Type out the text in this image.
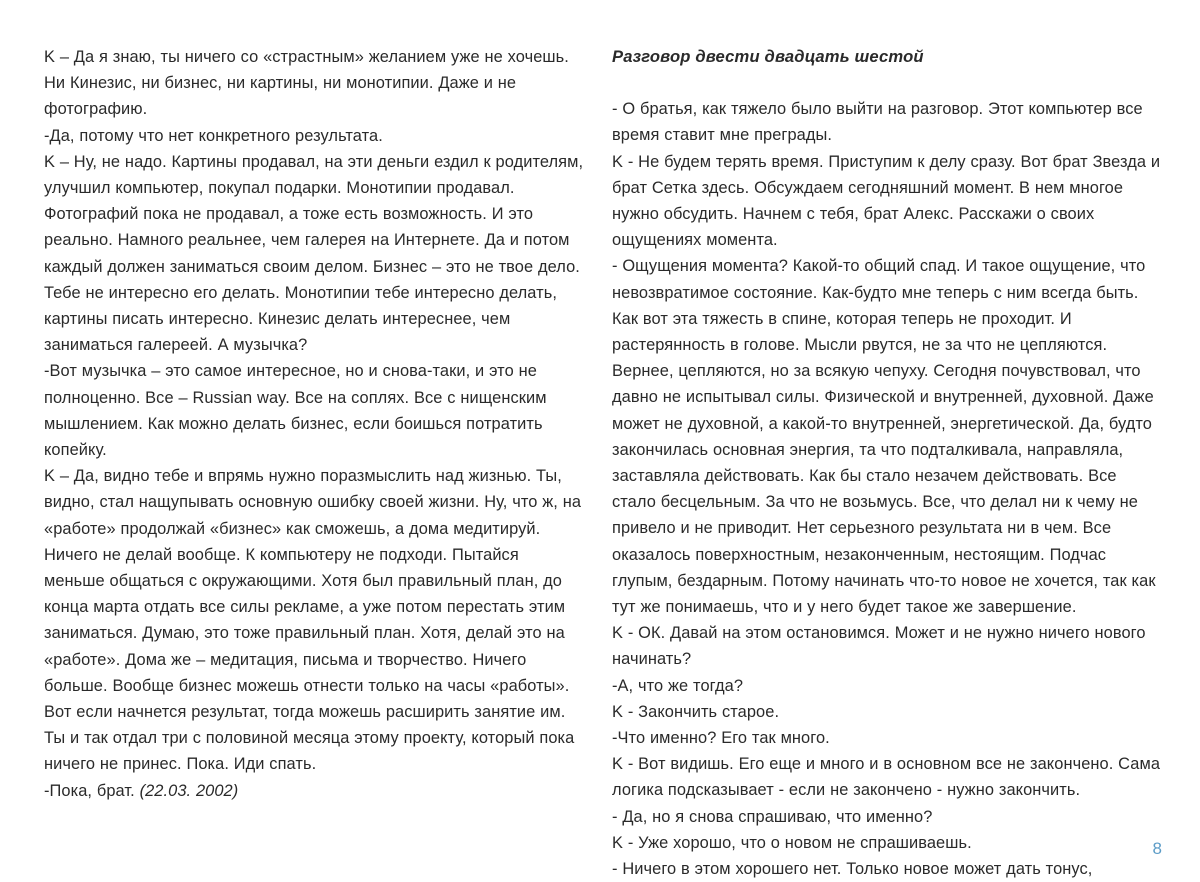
K – Да я знаю, ты ничего со «страстным» желанием уже не хочешь. Ни Кинезис, ни бизнес, ни картины, ни монотипии. Даже и не фотографию.

-Да, потому что нет конкретного результата.

K – Ну, не надо. Картины продавал, на эти деньги ездил к родителям, улучшил компьютер, покупал подарки. Монотипии продавал. Фотографий пока не продавал, а тоже есть возможность. И это реально. Намного реальнее, чем галерея на Интернете. Да и потом каждый должен заниматься своим делом. Бизнес – это не твое дело. Тебе не интересно его делать. Монотипии тебе интересно делать, картины писать интересно. Кинезис делать интереснее, чем заниматься галереей. А музычка?

-Вот музычка – это самое интересное, но и снова-таки, и это не полноценно. Все – Russian way. Все на соплях. Все с нищенским мышлением. Как можно делать бизнес, если боишься потратить копейку.

K – Да, видно тебе и впрямь нужно поразмыслить над жизнью. Ты, видно, стал нащупывать основную ошибку своей жизни. Ну, что ж, на «работе» продолжай «бизнес» как сможешь, а дома медитируй. Ничего не делай вообще. К компьютеру не подходи. Пытайся меньше общаться с окружающими. Хотя был правильный план, до конца марта отдать все силы рекламе, а уже потом перестать этим заниматься. Думаю, это тоже правильный план. Хотя, делай это на «работе». Дома же – медитация, письма и творчество. Ничего больше. Вообще бизнес можешь отнести только на часы «работы». Вот если начнется результат, тогда можешь расширить занятие им. Ты и так отдал три с половиной месяца этому проекту, который пока ничего не принес. Пока. Иди спать.

-Пока, брат. (22.03. 2002)

Разговор двести двадцать шестой

- О братья, как тяжело было выйти на разговор. Этот компьютер все время ставит мне преграды.

K - Не будем терять время. Приступим к делу сразу. Вот брат Звезда и брат Сетка здесь. Обсуждаем сегодняшний момент. В нем многое нужно обсудить. Начнем с тебя, брат Алекс. Расскажи о своих ощущениях момента.

- Ощущения момента? Какой-то общий спад. И такое ощущение, что невозвратимое состояние. Как-будто мне теперь с ним всегда быть. Как вот эта тяжесть в спине, которая теперь не проходит. И растерянность в голове. Мысли рвутся, не за что не цепляются. Вернее, цепляются, но за всякую чепуху. Сегодня почувствовал, что давно не испытывал силы. Физической и внутренней, духовной. Даже может не духовной, а какой-то внутренней, энергетической. Да, будто закончилась основная энергия, та что подталкивала, направляла, заставляла действовать. Как бы стало незачем действовать. Все стало бесцельным. За что не возьмусь. Все, что делал ни к чему не привело и не приводит. Нет серьезного результата ни в чем. Все оказалось поверхностным, незаконченным, нестоящим. Подчас глупым, бездарным. Потому начинать что-то новое не хочется, так как тут же понимаешь, что и у него будет такое же завершение.

K - ОК. Давай на этом остановимся. Может и не нужно ничего нового начинать?

-А, что же тогда?

K - Закончить старое.

-Что именно? Его так много.

K - Вот видишь. Его еще и много и в основном все не закончено. Сама логика подсказывает - если не закончено - нужно закончить.

- Да, но я снова спрашиваю, что именно?

K - Уже хорошо, что о новом не спрашиваешь.

- Ничего в этом хорошего нет. Только новое может дать тонус,

8
